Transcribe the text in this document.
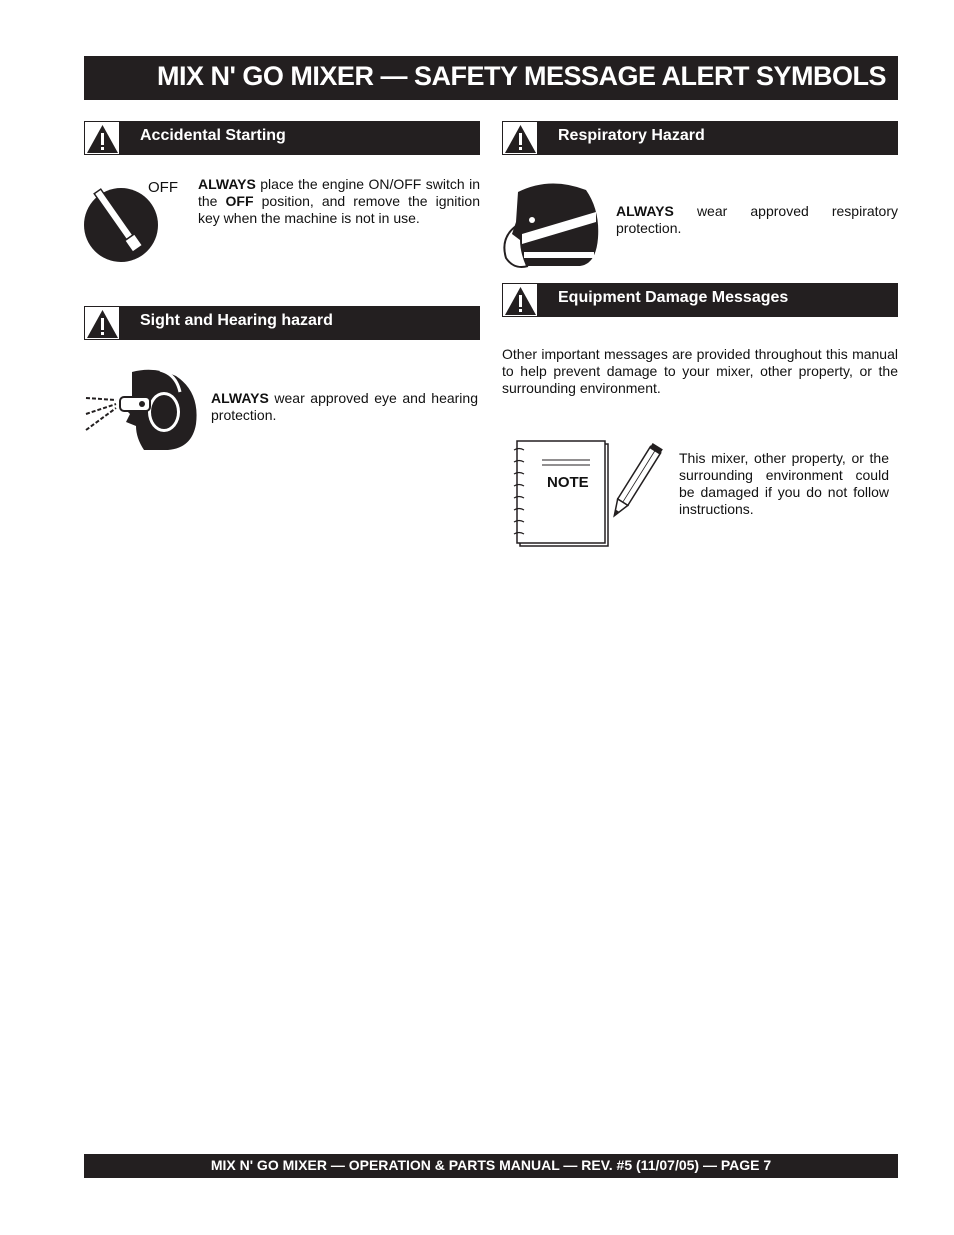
MIX N' GO MIXER — SAFETY MESSAGE ALERT SYMBOLS
Accidental Starting
OFF ALWAYS place the engine ON/OFF switch in the OFF position, and remove the ignition key when the machine is not in use.
Sight and Hearing hazard
ALWAYS wear approved eye and hearing protection.
Respiratory Hazard
ALWAYS wear approved respiratory protection.
Equipment Damage Messages
Other important messages are provided throughout this manual to help prevent damage to your mixer, other property, or the surrounding environment.
NOTE
This mixer, other property, or the surrounding environment could be damaged if you do not follow instructions.
MIX N' GO MIXER — OPERATION & PARTS MANUAL — REV. #5 (11/07/05) — PAGE 7
